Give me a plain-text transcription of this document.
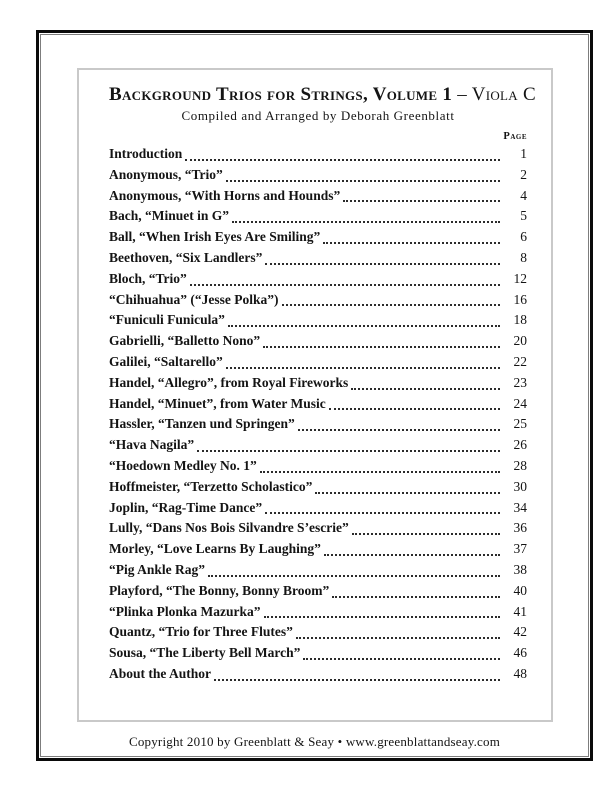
Background Trios for Strings, Volume 1 – Viola C
Compiled and Arranged by Deborah Greenblatt
Page
Introduction	1
Anonymous, “Trio”	2
Anonymous, “With Horns and Hounds”	4
Bach, “Minuet in G”	5
Ball, “When Irish Eyes Are Smiling”	6
Beethoven, “Six Landlers”	8
Bloch, “Trio”	12
“Chihuahua” (“Jesse Polka”)	16
“Funiculi Funicula”	18
Gabrielli, “Balletto Nono”	20
Galilei, “Saltarello”	22
Handel, “Allegro”, from Royal Fireworks	23
Handel, “Minuet”, from Water Music	24
Hassler, “Tanzen und Springen”	25
“Hava Nagila”	26
“Hoedown Medley No. 1”	28
Hoffmeister, “Terzetto Scholastico”	30
Joplin, “Rag-Time Dance”	34
Lully, “Dans Nos Bois Silvandre S’escrie”	36
Morley, “Love Learns By Laughing”	37
“Pig Ankle Rag”	38
Playford, “The Bonny, Bonny Broom”	40
“Plinka Plonka Mazurka”	41
Quantz, “Trio for Three Flutes”	42
Sousa, “The Liberty Bell March”	46
About the Author	48
Copyright 2010 by Greenblatt & Seay • www.greenblattandseay.com
